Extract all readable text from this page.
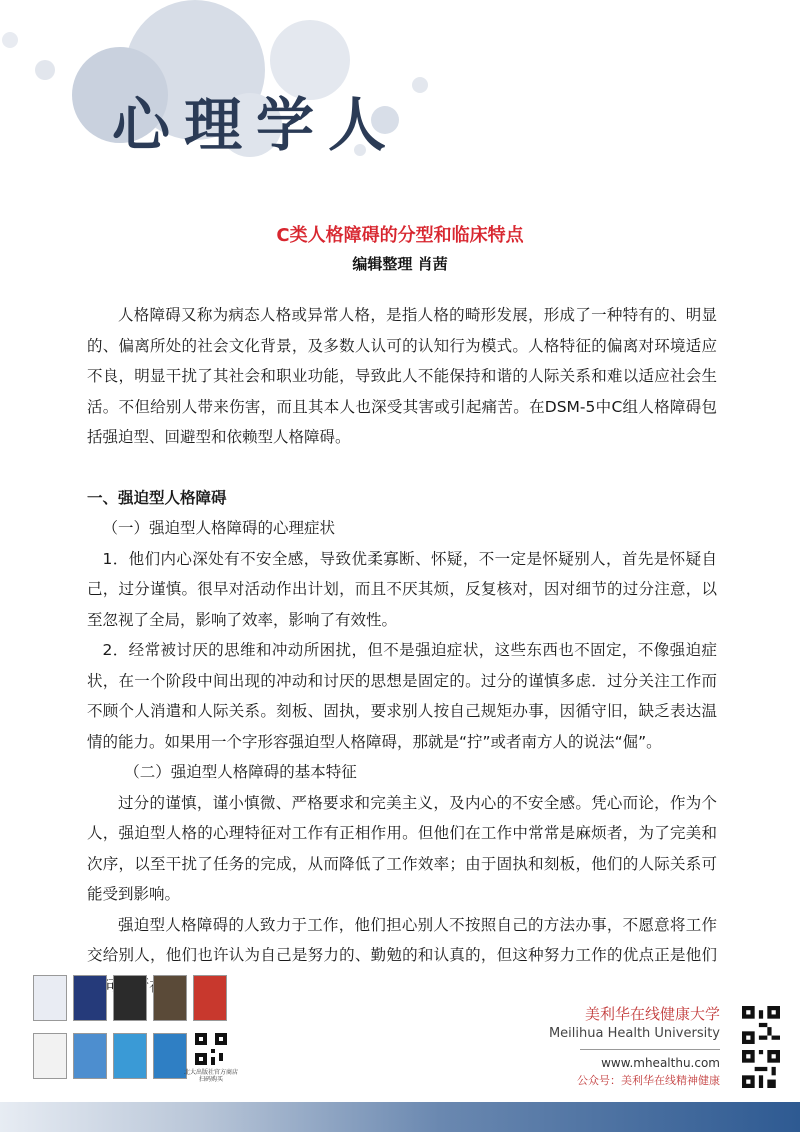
心理学人
C类人格障碍的分型和临床特点
编辑整理 肖茜

人格障碍又称为病态人格或异常人格，是指人格的畸形发展，形成了一种特有的、明显的、偏离所处的社会文化背景，及多数人认可的认知行为模式。人格特征的偏离对环境适应不良，明显干扰了其社会和职业功能，导致此人不能保持和谐的人际关系和难以适应社会生活。不但给别人带来伤害，而且其本人也深受其害或引起痛苦。在DSM-5中C组人格障碍包括强迫型、回避型和依赖型人格障碍。

一、强迫型人格障碍

（一）强迫型人格障碍的心理症状

1．他们内心深处有不安全感，导致优柔寡断、怀疑，不一定是怀疑别人，首先是怀疑自己，过分谨慎。很早对活动作出计划，而且不厌其烦，反复核对，因对细节的过分注意，以至忽视了全局，影响了效率，影响了有效性。

2．经常被讨厌的思维和冲动所困扰，但不是强迫症状，这些东西也不固定，不像强迫症状，在一个阶段中间出现的冲动和讨厌的思想是固定的。过分的谨慎多虑．过分关注工作而不顾个人消遣和人际关系。刻板、固执，要求别人按自己规矩办事，因循守旧，缺乏表达温情的能力。如果用一个字形容强迫型人格障碍，那就是“拧”或者南方人的说法“倔”。

（二）强迫型人格障碍的基本特征

过分的谨慎，谨小慎微、严格要求和完美主义，及内心的不安全感。凭心而论，作为个人，强迫型人格的心理特征对工作有正相作用。但他们在工作中常常是麻烦者，为了完美和次序，以至干扰了任务的完成，从而降低了工作效率；由于固执和刻板，他们的人际关系可能受到影响。

强迫型人格障碍的人致力于工作，他们担心别人不按照自己的方法办事，不愿意将工作交给别人，他们也许认为自己是努力的、勤勉的和认真的，但这种努力工作的优点正是他们的问题

北大出版社官方商店 扫码购买
美利华在线健康大学
Meilihua Health University
www.mhealthu.com
公众号：美利华在线精神健康
